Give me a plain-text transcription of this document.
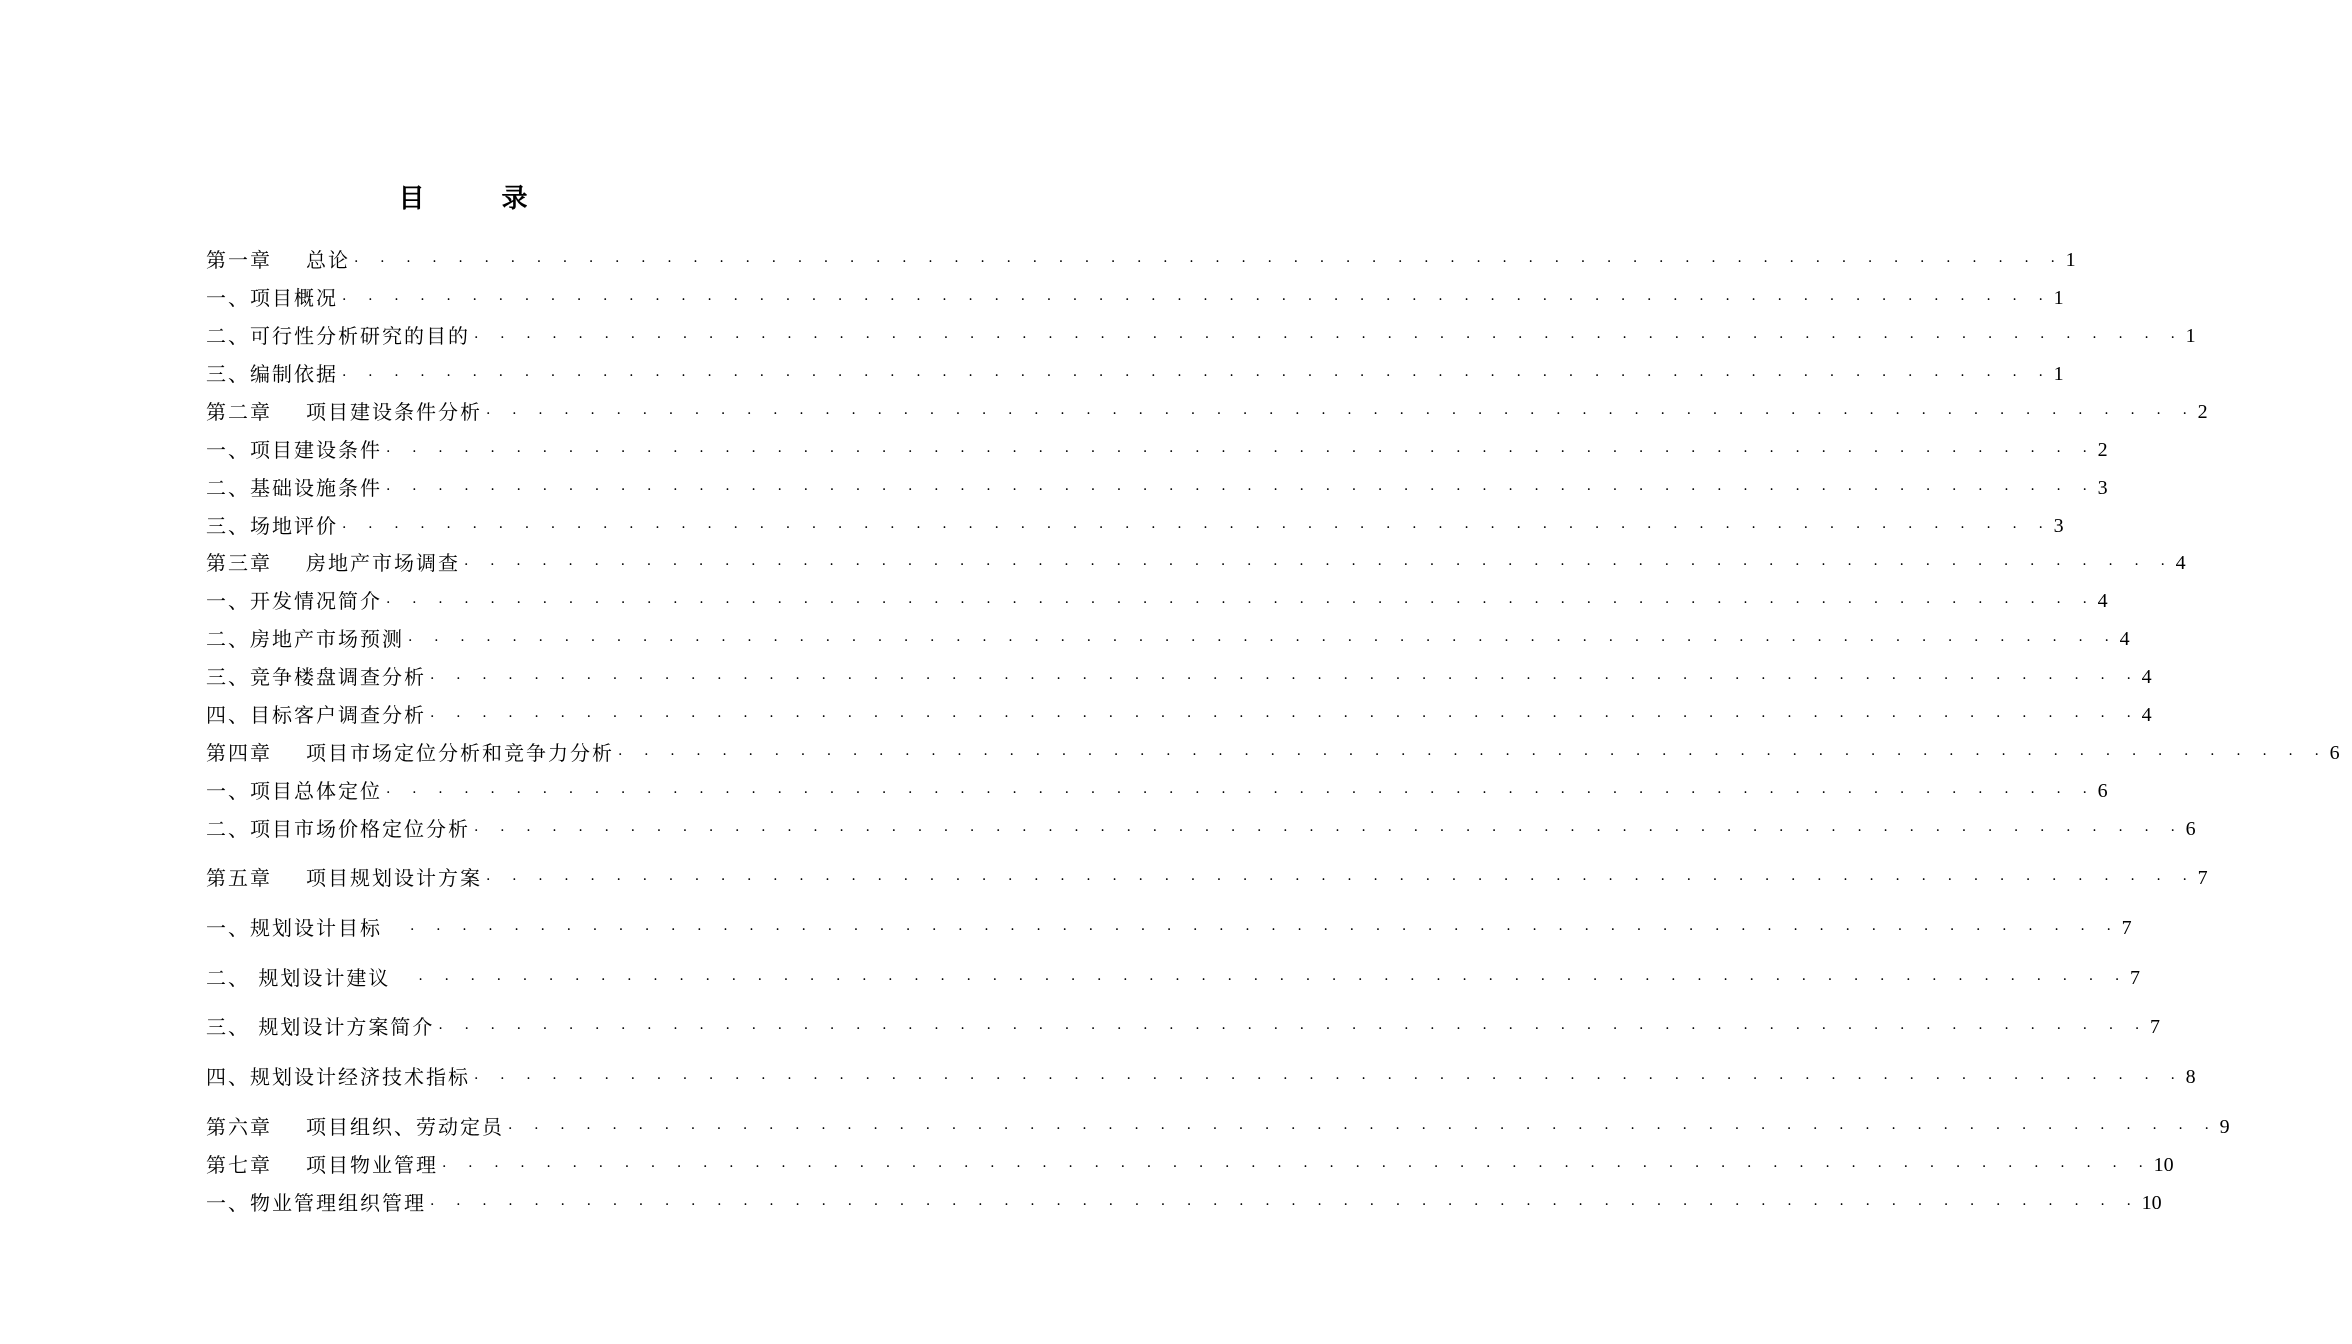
目 录
第一章 总论 · · · · · · · · · · · · · · · · · · · · · · · · · · · · · · · · · · · · · · · · · · · · · · · · · · · · · · · · · · · · · · · · · · 1
一、项目概况 · · · · · · · · · · · · · · · · · · · · · · · · · · · · · · · · · · · · · · · · · · · · · · · · · · · · · · · · · · · · · · · · · · 1
二、可行性分析研究的目的 · · · · · · · · · · · · · · · · · · · · · · · · · · · · · · · · · · · · · · · · · · · · · · · · · · · · · · · · · · · · · · · · · · 1
三、编制依据 · · · · · · · · · · · · · · · · · · · · · · · · · · · · · · · · · · · · · · · · · · · · · · · · · · · · · · · · · · · · · · · · · · 1
第二章 项目建设条件分析 · · · · · · · · · · · · · · · · · · · · · · · · · · · · · · · · · · · · · · · · · · · · · · · · · · · · · · · · · · · · · · · · · · 2
一、项目建设条件 · · · · · · · · · · · · · · · · · · · · · · · · · · · · · · · · · · · · · · · · · · · · · · · · · · · · · · · · · · · · · · · · · · 2
二、基础设施条件 · · · · · · · · · · · · · · · · · · · · · · · · · · · · · · · · · · · · · · · · · · · · · · · · · · · · · · · · · · · · · · · · · · 3
三、场地评价 · · · · · · · · · · · · · · · · · · · · · · · · · · · · · · · · · · · · · · · · · · · · · · · · · · · · · · · · · · · · · · · · · · 3
第三章 房地产市场调查 · · · · · · · · · · · · · · · · · · · · · · · · · · · · · · · · · · · · · · · · · · · · · · · · · · · · · · · · · · · · · · · · · · 4
一、开发情况简介 · · · · · · · · · · · · · · · · · · · · · · · · · · · · · · · · · · · · · · · · · · · · · · · · · · · · · · · · · · · · · · · · · · 4
二、房地产市场预测 · · · · · · · · · · · · · · · · · · · · · · · · · · · · · · · · · · · · · · · · · · · · · · · · · · · · · · · · · · · · · · · · · · 4
三、竞争楼盘调查分析 · · · · · · · · · · · · · · · · · · · · · · · · · · · · · · · · · · · · · · · · · · · · · · · · · · · · · · · · · · · · · · · · · · 4
四、目标客户调查分析 · · · · · · · · · · · · · · · · · · · · · · · · · · · · · · · · · · · · · · · · · · · · · · · · · · · · · · · · · · · · · · · · · · 4
第四章 项目市场定位分析和竞争力分析 · · · · · · · · · · · · · · · · · · · · · · · · · · · · · · · · · · · · · · · · · · · · · · · · · · · · · · · · · · · · · · · · · · 6
一、项目总体定位 · · · · · · · · · · · · · · · · · · · · · · · · · · · · · · · · · · · · · · · · · · · · · · · · · · · · · · · · · · · · · · · · · · 6
二、项目市场价格定位分析 · · · · · · · · · · · · · · · · · · · · · · · · · · · · · · · · · · · · · · · · · · · · · · · · · · · · · · · · · · · · · · · · · · 6
第五章 项目规划设计方案 · · · · · · · · · · · · · · · · · · · · · · · · · · · · · · · · · · · · · · · · · · · · · · · · · · · · · · · · · · · · · · · · · · 7
一、规划设计目标	· · · · · · · · · · · · · · · · · · · · · · · · · · · · · · · · · · · · · · · · · · · · · · · · · · · · · · · · · · · · · · · · · · 7
二、 规划设计建议	· · · · · · · · · · · · · · · · · · · · · · · · · · · · · · · · · · · · · · · · · · · · · · · · · · · · · · · · · · · · · · · · · · 7
三、 规划设计方案简介 · · · · · · · · · · · · · · · · · · · · · · · · · · · · · · · · · · · · · · · · · · · · · · · · · · · · · · · · · · · · · · · · · · 7
四、规划设计经济技术指标 · · · · · · · · · · · · · · · · · · · · · · · · · · · · · · · · · · · · · · · · · · · · · · · · · · · · · · · · · · · · · · · · · · 8
第六章 项目组织、劳动定员 · · · · · · · · · · · · · · · · · · · · · · · · · · · · · · · · · · · · · · · · · · · · · · · · · · · · · · · · · · · · · · · · · · 9
第七章 项目物业管理 · · · · · · · · · · · · · · · · · · · · · · · · · · · · · · · · · · · · · · · · · · · · · · · · · · · · · · · · · · · · · · · · · · 10
一、物业管理组织管理 · · · · · · · · · · · · · · · · · · · · · · · · · · · · · · · · · · · · · · · · · · · · · · · · · · · · · · · · · · · · · · · · · · 10
